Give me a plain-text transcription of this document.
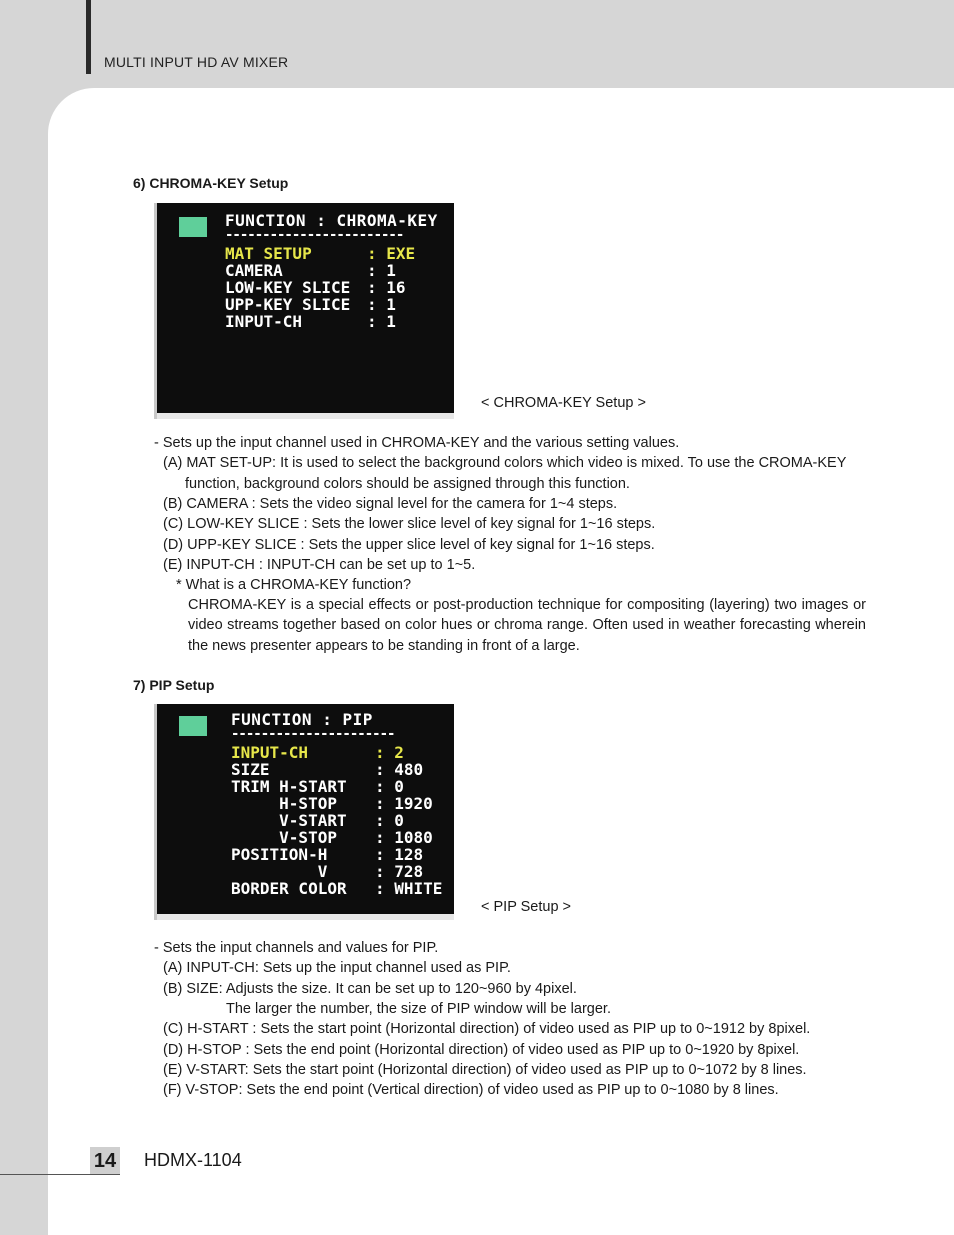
MULTI INPUT HD AV MIXER
6) CHROMA-KEY Setup
FUNCTION : CHROMA-KEY
------------------------
MAT SETUP	: EXE
CAMERA	: 1
LOW-KEY SLICE : 16
UPP-KEY SLICE : 1
INPUT-CH	: 1
< CHROMA-KEY Setup >
- Sets up the input channel used in CHROMA-KEY and the various setting values.
(A) MAT SET-UP: It is used to select the background colors which video is mixed. To use the CROMA-KEY
function, background colors should be assigned through this function.
(B) CAMERA : Sets the video signal level for the camera for 1~4 steps.
(C) LOW-KEY SLICE : Sets the lower slice level of key signal for 1~16 steps.
(D) UPP-KEY SLICE : Sets the upper slice level of key signal for 1~16 steps.
(E) INPUT-CH : INPUT-CH can be set up to 1~5.
* What is a CHROMA-KEY function?
CHROMA-KEY is a special effects or post-production technique for compositing (layering) two images or video streams together based on color hues or chroma range. Often used in weather forecasting wherein the news presenter appears to be standing in front of a large.
7) PIP Setup
FUNCTION : PIP
----------------------
INPUT-CH : 2
SIZE : 480
TRIM H-START : 0
H-STOP : 1920
V-START : 0
V-STOP : 1080
POSITION-H : 128
V : 728
BORDER COLOR : WHITE
< PIP Setup >
- Sets the input channels and values for PIP.
(A) INPUT-CH: Sets up the input channel used as PIP.
(B) SIZE: Adjusts the size. It can be set up to 120~960 by 4pixel.
The larger the number, the size of PIP window will be larger.
(C) H-START : Sets the start point (Horizontal direction) of video used as PIP up to 0~1912 by 8pixel.
(D) H-STOP : Sets the end point (Horizontal direction) of video used as PIP up to 0~1920 by 8pixel.
(E) V-START: Sets the start point (Horizontal direction) of video used as PIP up to 0~1072 by 8 lines.
(F) V-STOP: Sets the end point (Vertical direction) of video used as PIP up to 0~1080 by 8 lines.
14 HDMX-1104
